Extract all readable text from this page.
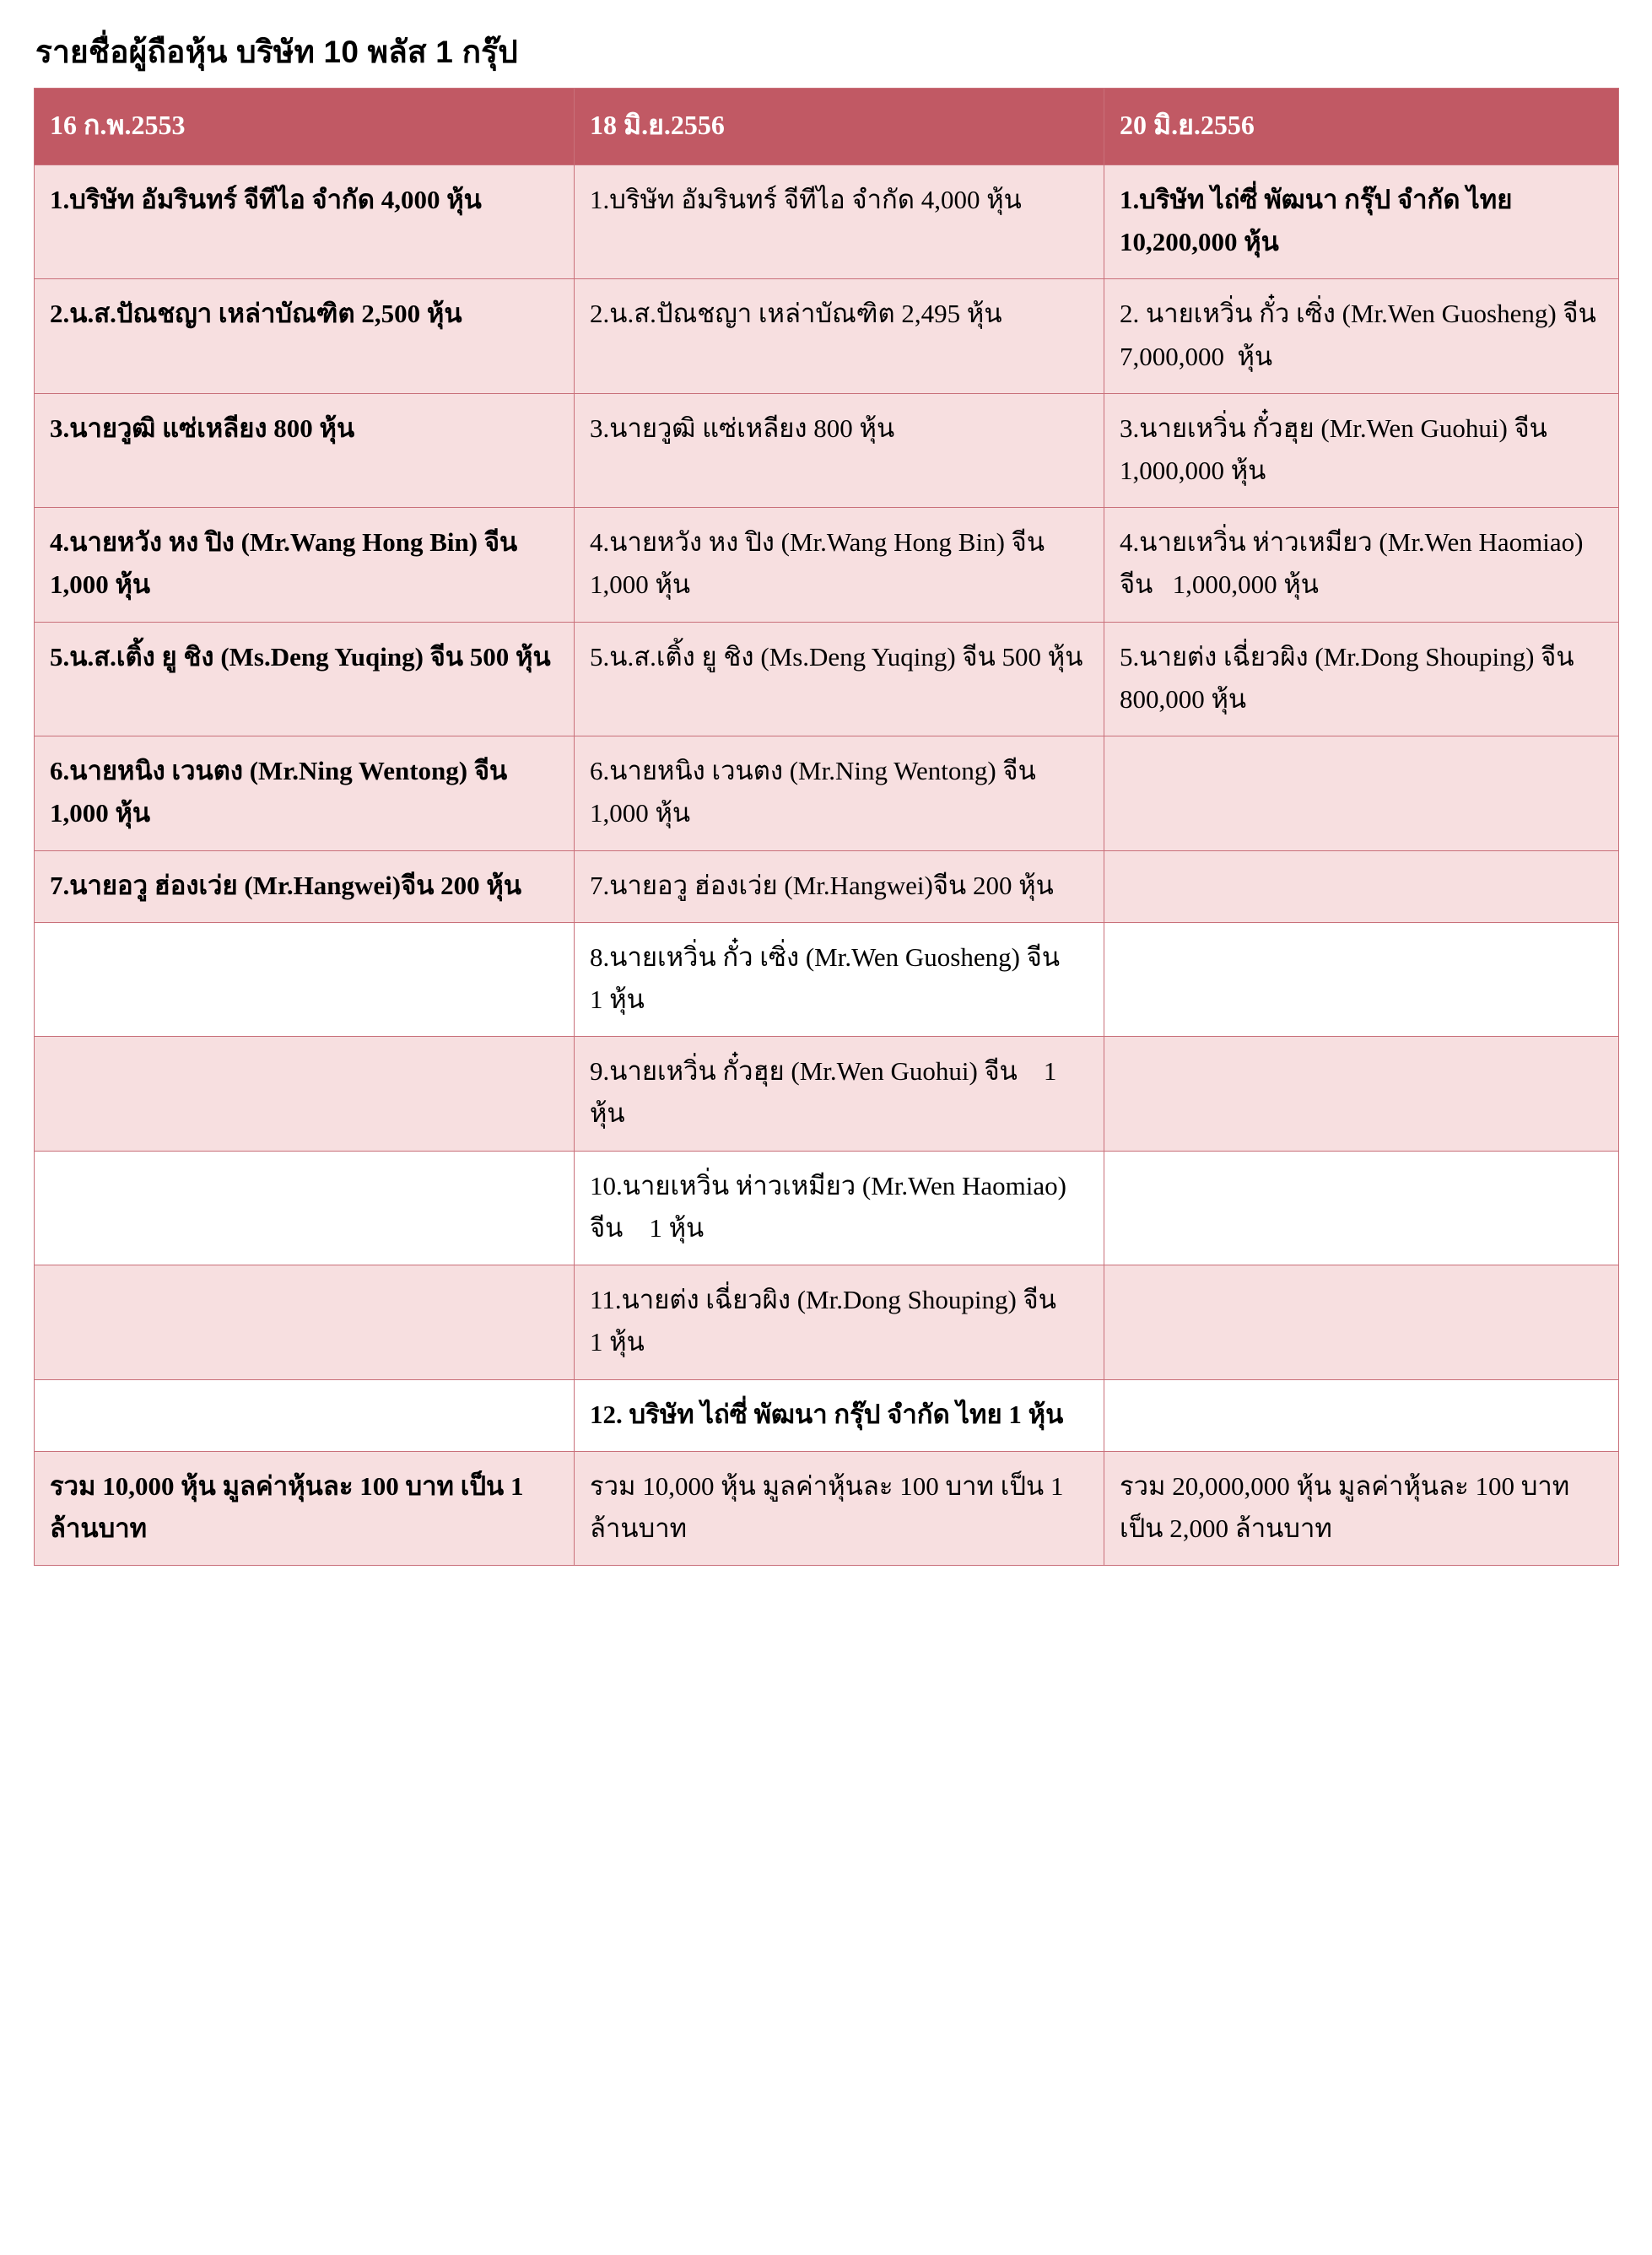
รายชื่อผู้ถือหุ้น บริษัท 10 พลัส 1 กรุ๊ป
16 ก.พ.2553	18 มิ.ย.2556	20 มิ.ย.2556

1.บริษัท อัมรินทร์ จีทีไอ จำกัด 4,000 หุ้น	1.บริษัท อัมรินทร์ จีทีไอ จำกัด 4,000 หุ้น	1.บริษัท ไถ่ซี่ พัฒนา กรุ๊ป จำกัด ไทย 10,200,000 หุ้น

2.น.ส.ปัณชญา เหล่าบัณฑิต 2,500 หุ้น	2.น.ส.ปัณชญา เหล่าบัณฑิต 2,495 หุ้น	2. นายเหวิ่น กั๋ว เซิ่ง (Mr.Wen Guosheng) จีน  7,000,000  หุ้น

3.นายวูฒิ แซ่เหลียง 800 หุ้น	3.นายวูฒิ แซ่เหลียง 800 หุ้น	3.นายเหวิ่น กั๋วฮุย (Mr.Wen Guohui) จีน   1,000,000 หุ้น

4.นายหวัง หง ปิง (Mr.Wang Hong Bin) จีน 1,000 หุ้น	4.นายหวัง หง ปิง (Mr.Wang Hong Bin) จีน 1,000 หุ้น	4.นายเหวิ่น ห่าวเหมียว (Mr.Wen Haomiao) จีน   1,000,000 หุ้น

5.น.ส.เติ้ง ยู ชิง (Ms.Deng Yuqing) จีน 500 หุ้น	5.น.ส.เติ้ง ยู ชิง (Ms.Deng Yuqing) จีน 500 หุ้น	5.นายต่ง เฉี่ยวผิง (Mr.Dong Shouping) จีน   800,000 หุ้น

6.นายหนิง เวนตง (Mr.Ning Wentong) จีน 1,000 หุ้น	6.นายหนิง เวนตง (Mr.Ning Wentong) จีน 1,000 หุ้น	

7.นายอวู ฮ่องเว่ย (Mr.Hangwei)จีน 200 หุ้น	7.นายอวู ฮ่องเว่ย (Mr.Hangwei)จีน 200 หุ้น	

	8.นายเหวิ่น กั๋ว เซิ่ง (Mr.Wen Guosheng) จีน    1 หุ้น	

	9.นายเหวิ่น กั๋วฮุย (Mr.Wen Guohui) จีน    1 หุ้น	

	10.นายเหวิ่น ห่าวเหมียว (Mr.Wen Haomiao) จีน    1 หุ้น	

	11.นายต่ง เฉี่ยวผิง (Mr.Dong Shouping) จีน    1 หุ้น	

	12. บริษัท ไถ่ซี่ พัฒนา กรุ๊ป จำกัด ไทย 1 หุ้น	

รวม 10,000 หุ้น มูลค่าหุ้นละ 100 บาท เป็น 1 ล้านบาท	รวม 10,000 หุ้น มูลค่าหุ้นละ 100 บาท เป็น 1 ล้านบาท	รวม 20,000,000 หุ้น มูลค่าหุ้นละ 100 บาท เป็น 2,000 ล้านบาท
